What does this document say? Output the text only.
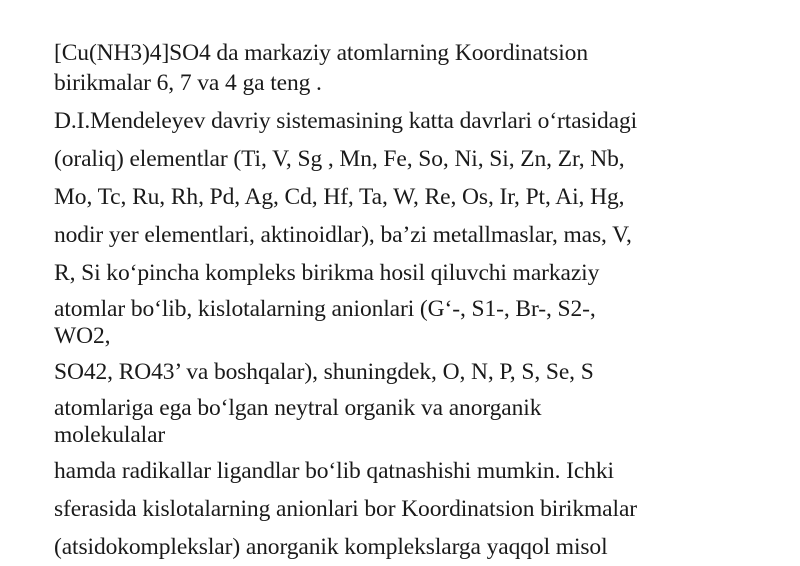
[Cu(NH3)4]SO4 da markaziy atomlarning Koordinatsion
birikmalar 6, 7 va 4 ga teng .
D.I.Mendeleyev davriy sistemasining katta davrlari oʻrtasidagi
(oraliq) elementlar (Ti, V, Sg , Mn, Fe, So, Ni, Si, Zn, Zr, Nb,
Mo, Tc, Ru, Rh, Pd, Ag, Cd, Hf, Ta, W, Re, Os, Ir, Pt, Ai, Hg,
nodir yer elementlari, aktinoidlar), ba’zi metallmaslar, mas, V,
R, Si koʻpincha kompleks birikma hosil qiluvchi markaziy
atomlar boʻlib, kislotalarning anionlari (Gʻ-, S1-, Br-, S2-,
WO2,
SO42, RO43’ va boshqalar), shuningdek, O, N, P, S, Se, S
atomlariga ega boʻlgan neytral organik va anorganik
molekulalar
hamda radikallar ligandlar boʻlib qatnashishi mumkin. Ichki
sferasida kislotalarning anionlari bor Koordinatsion birikmalar
(atsidokomplekslar) anorganik komplekslarga yaqqol misol
